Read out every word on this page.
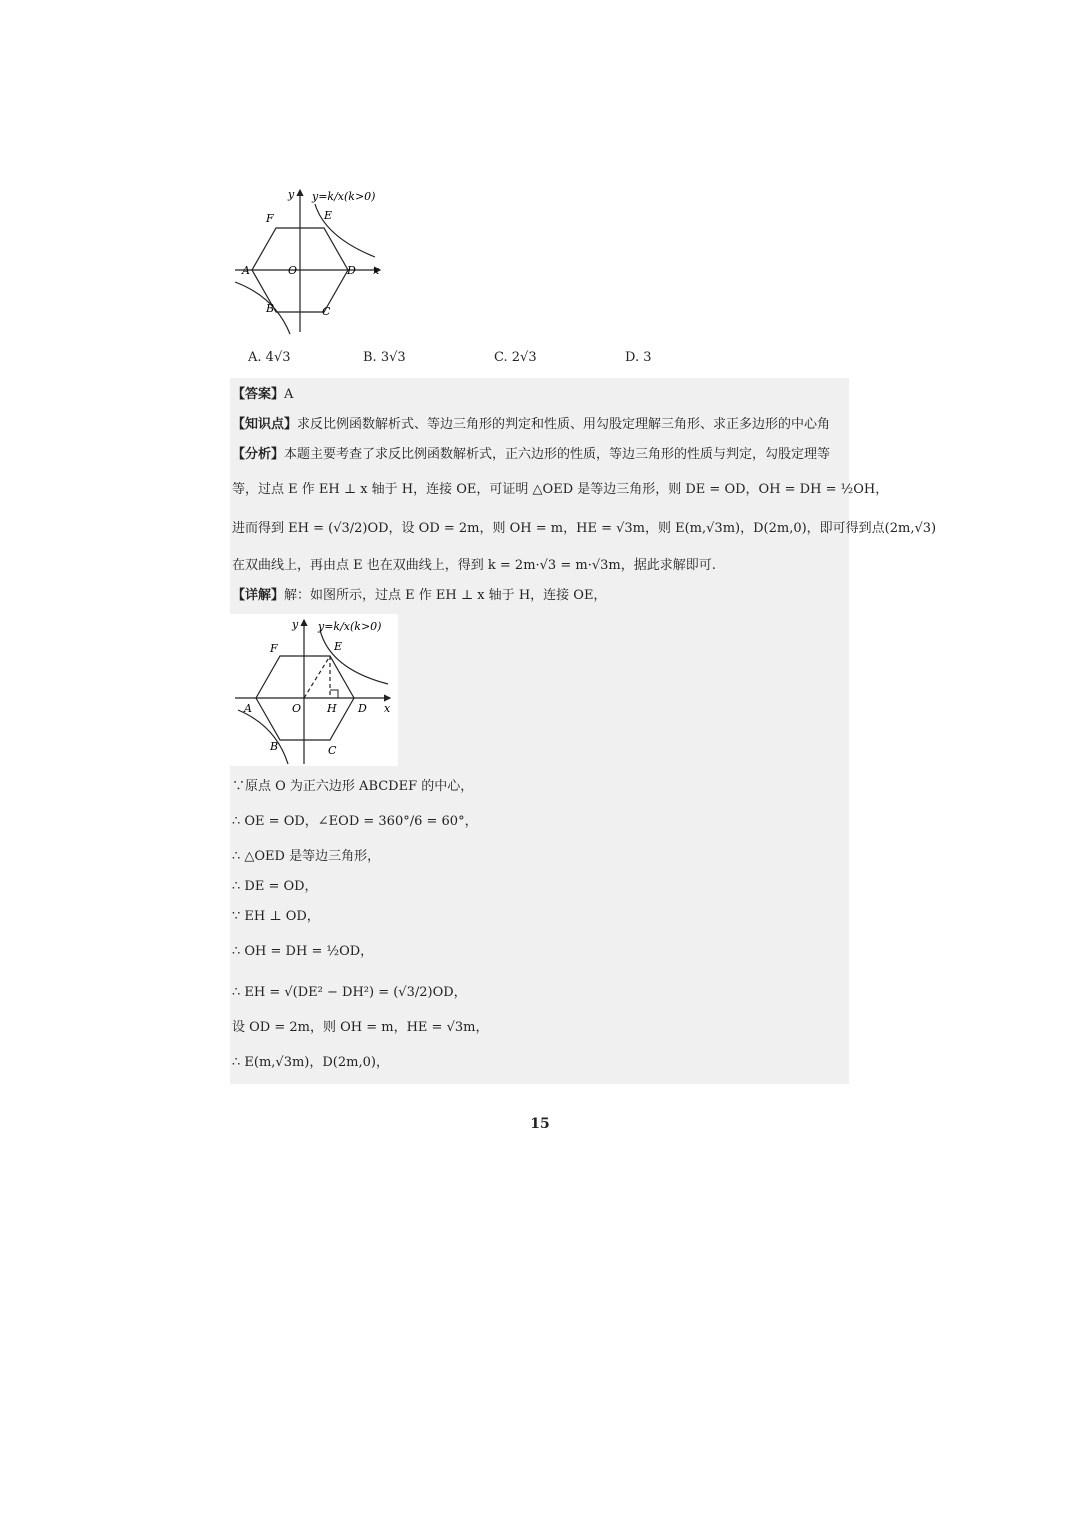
y y=k/x(k>0)
F	E
A	O	D x
B	C
A. 4√3	B. 3√3	C. 2√3	D. 3
【答案】A
【知识点】求反比例函数解析式、等边三角形的判定和性质、用勾股定理解三角形、求正多边形的中心角
【分析】本题主要考查了求反比例函数解析式，正六边形的性质，等边三角形的性质与判定，勾股定理等
等，过点 E 作 EH ⊥ x 轴于 H，连接 OE，可证明 △OED 是等边三角形，则 DE = OD，OH = DH = ½OH，
进而得到 EH = (√3/2)OD，设 OD = 2m，则 OH = m，HE = √3m，则 E(m,√3m)，D(2m,0)，即可得到点(2m,√3)
在双曲线上，再由点 E 也在双曲线上，得到 k = 2m·√3 = m·√3m，据此求解即可.
【详解】解：如图所示，过点 E 作 EH ⊥ x 轴于 H，连接 OE，
y y=k/x(k>0)
F	E
A	O H D x
B	C
∵原点 O 为正六边形 ABCDEF 的中心，
∴ OE = OD，∠EOD = 360°/6 = 60°，
∴ △OED 是等边三角形，
∴ DE = OD，
∵ EH ⊥ OD，
∴ OH = DH = ½OD，
∴ EH = √(DE² − DH²) = (√3/2)OD，
设 OD = 2m，则 OH = m，HE = √3m，
∴ E(m,√3m)，D(2m,0)，
15
